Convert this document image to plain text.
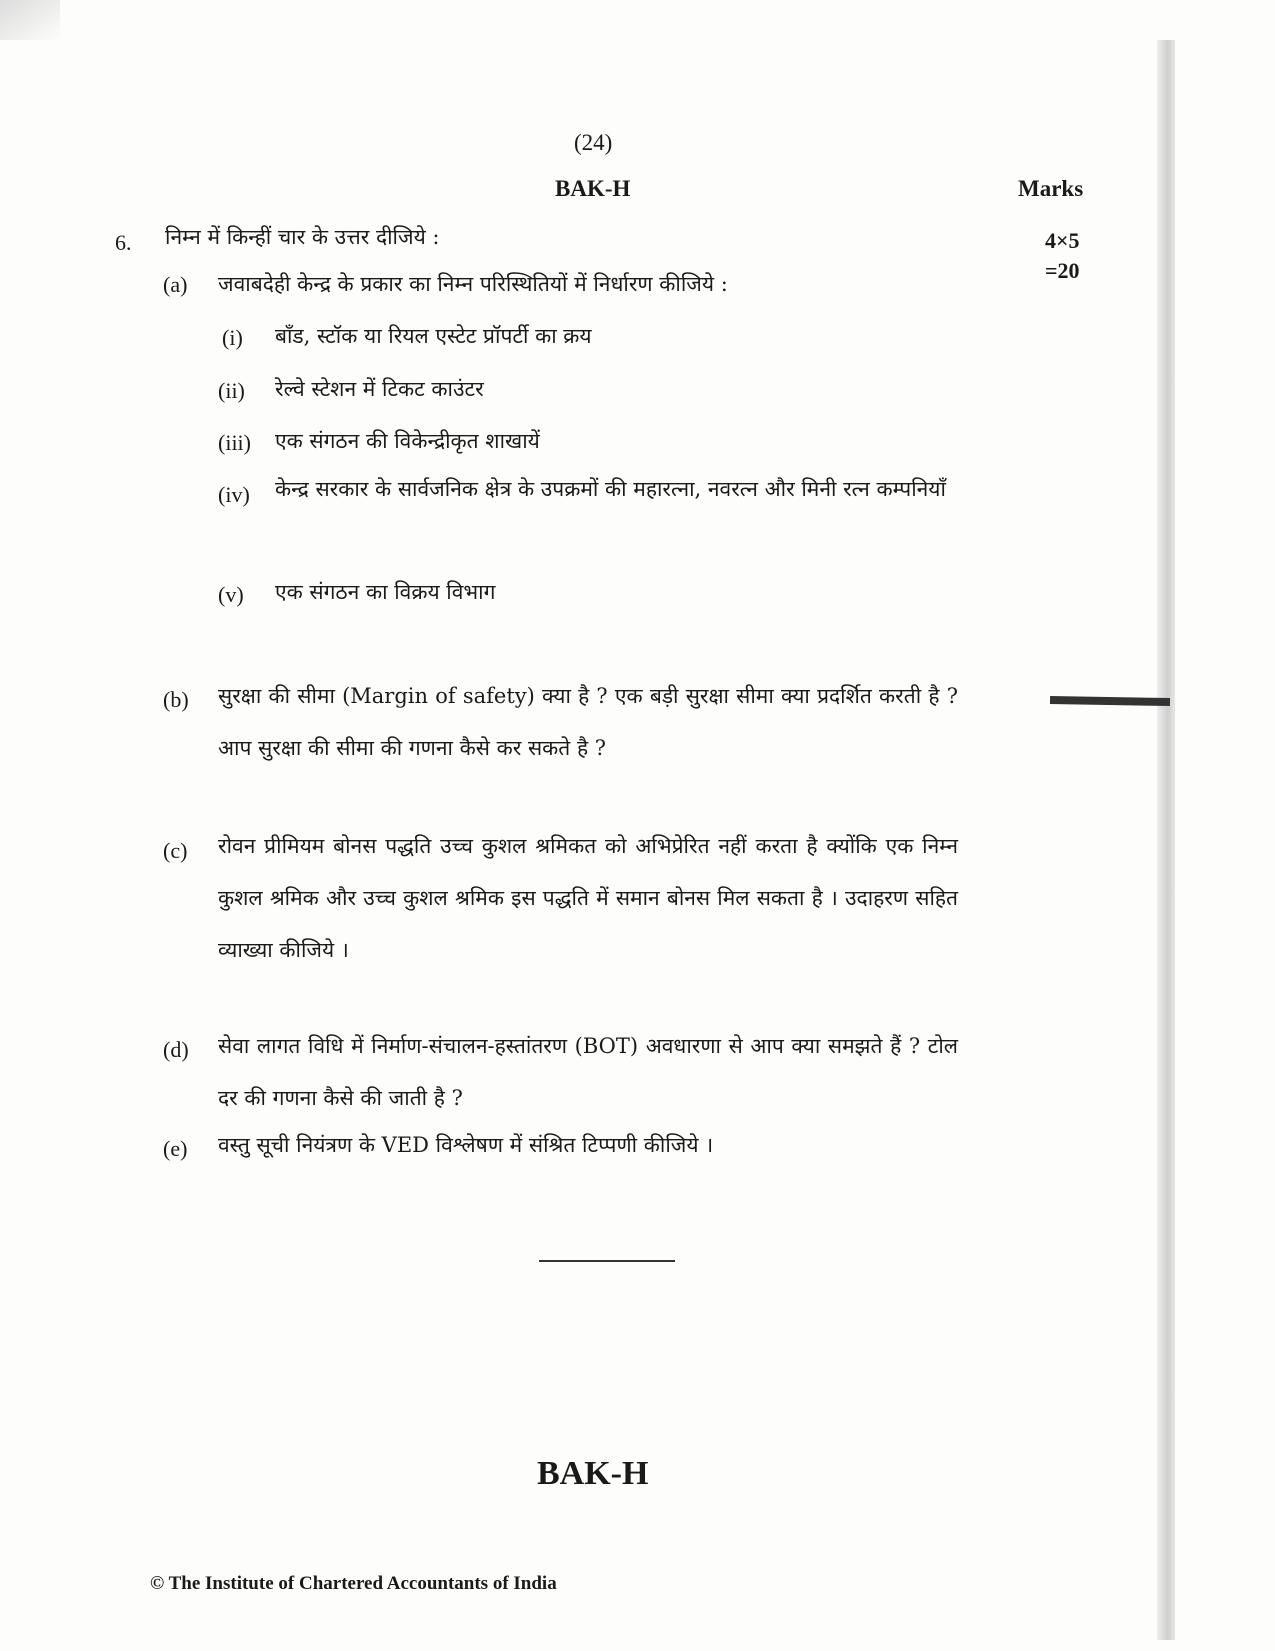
(24)
BAK-H	Marks
4×5
=20
6. निम्न में किन्हीं चार के उत्तर दीजिये :
(a) जवाबदेही केन्द्र के प्रकार का निम्न परिस्थितियों में निर्धारण कीजिये :
(i) बाँड, स्टॉक या रियल एस्टेट प्रॉपर्टी का क्रय
(ii) रेल्वे स्टेशन में टिकट काउंटर
(iii) एक संगठन की विकेन्द्रीकृत शाखायें
(iv) केन्द्र सरकार के सार्वजनिक क्षेत्र के उपक्रमों की महारत्ना, नवरत्न और मिनी रत्न कम्पनियाँ
(v) एक संगठन का विक्रय विभाग
(b) सुरक्षा की सीमा (Margin of safety) क्या है ? एक बड़ी सुरक्षा सीमा क्या प्रदर्शित करती है ? आप सुरक्षा की सीमा की गणना कैसे कर सकते है ?
(c) रोवन प्रीमियम बोनस पद्धति उच्च कुशल श्रमिकत को अभिप्रेरित नहीं करता है क्योंकि एक निम्न कुशल श्रमिक और उच्च कुशल श्रमिक इस पद्धति में समान बोनस मिल सकता है । उदाहरण सहित व्याख्या कीजिये ।
(d) सेवा लागत विधि में निर्माण-संचालन-हस्तांतरण (BOT) अवधारणा से आप क्या समझते हैं ? टोल दर की गणना कैसे की जाती है ?
(e) वस्तु सूची नियंत्रण के VED विश्लेषण में संश्रित टिप्पणी कीजिये ।
BAK-H
© The Institute of Chartered Accountants of India
